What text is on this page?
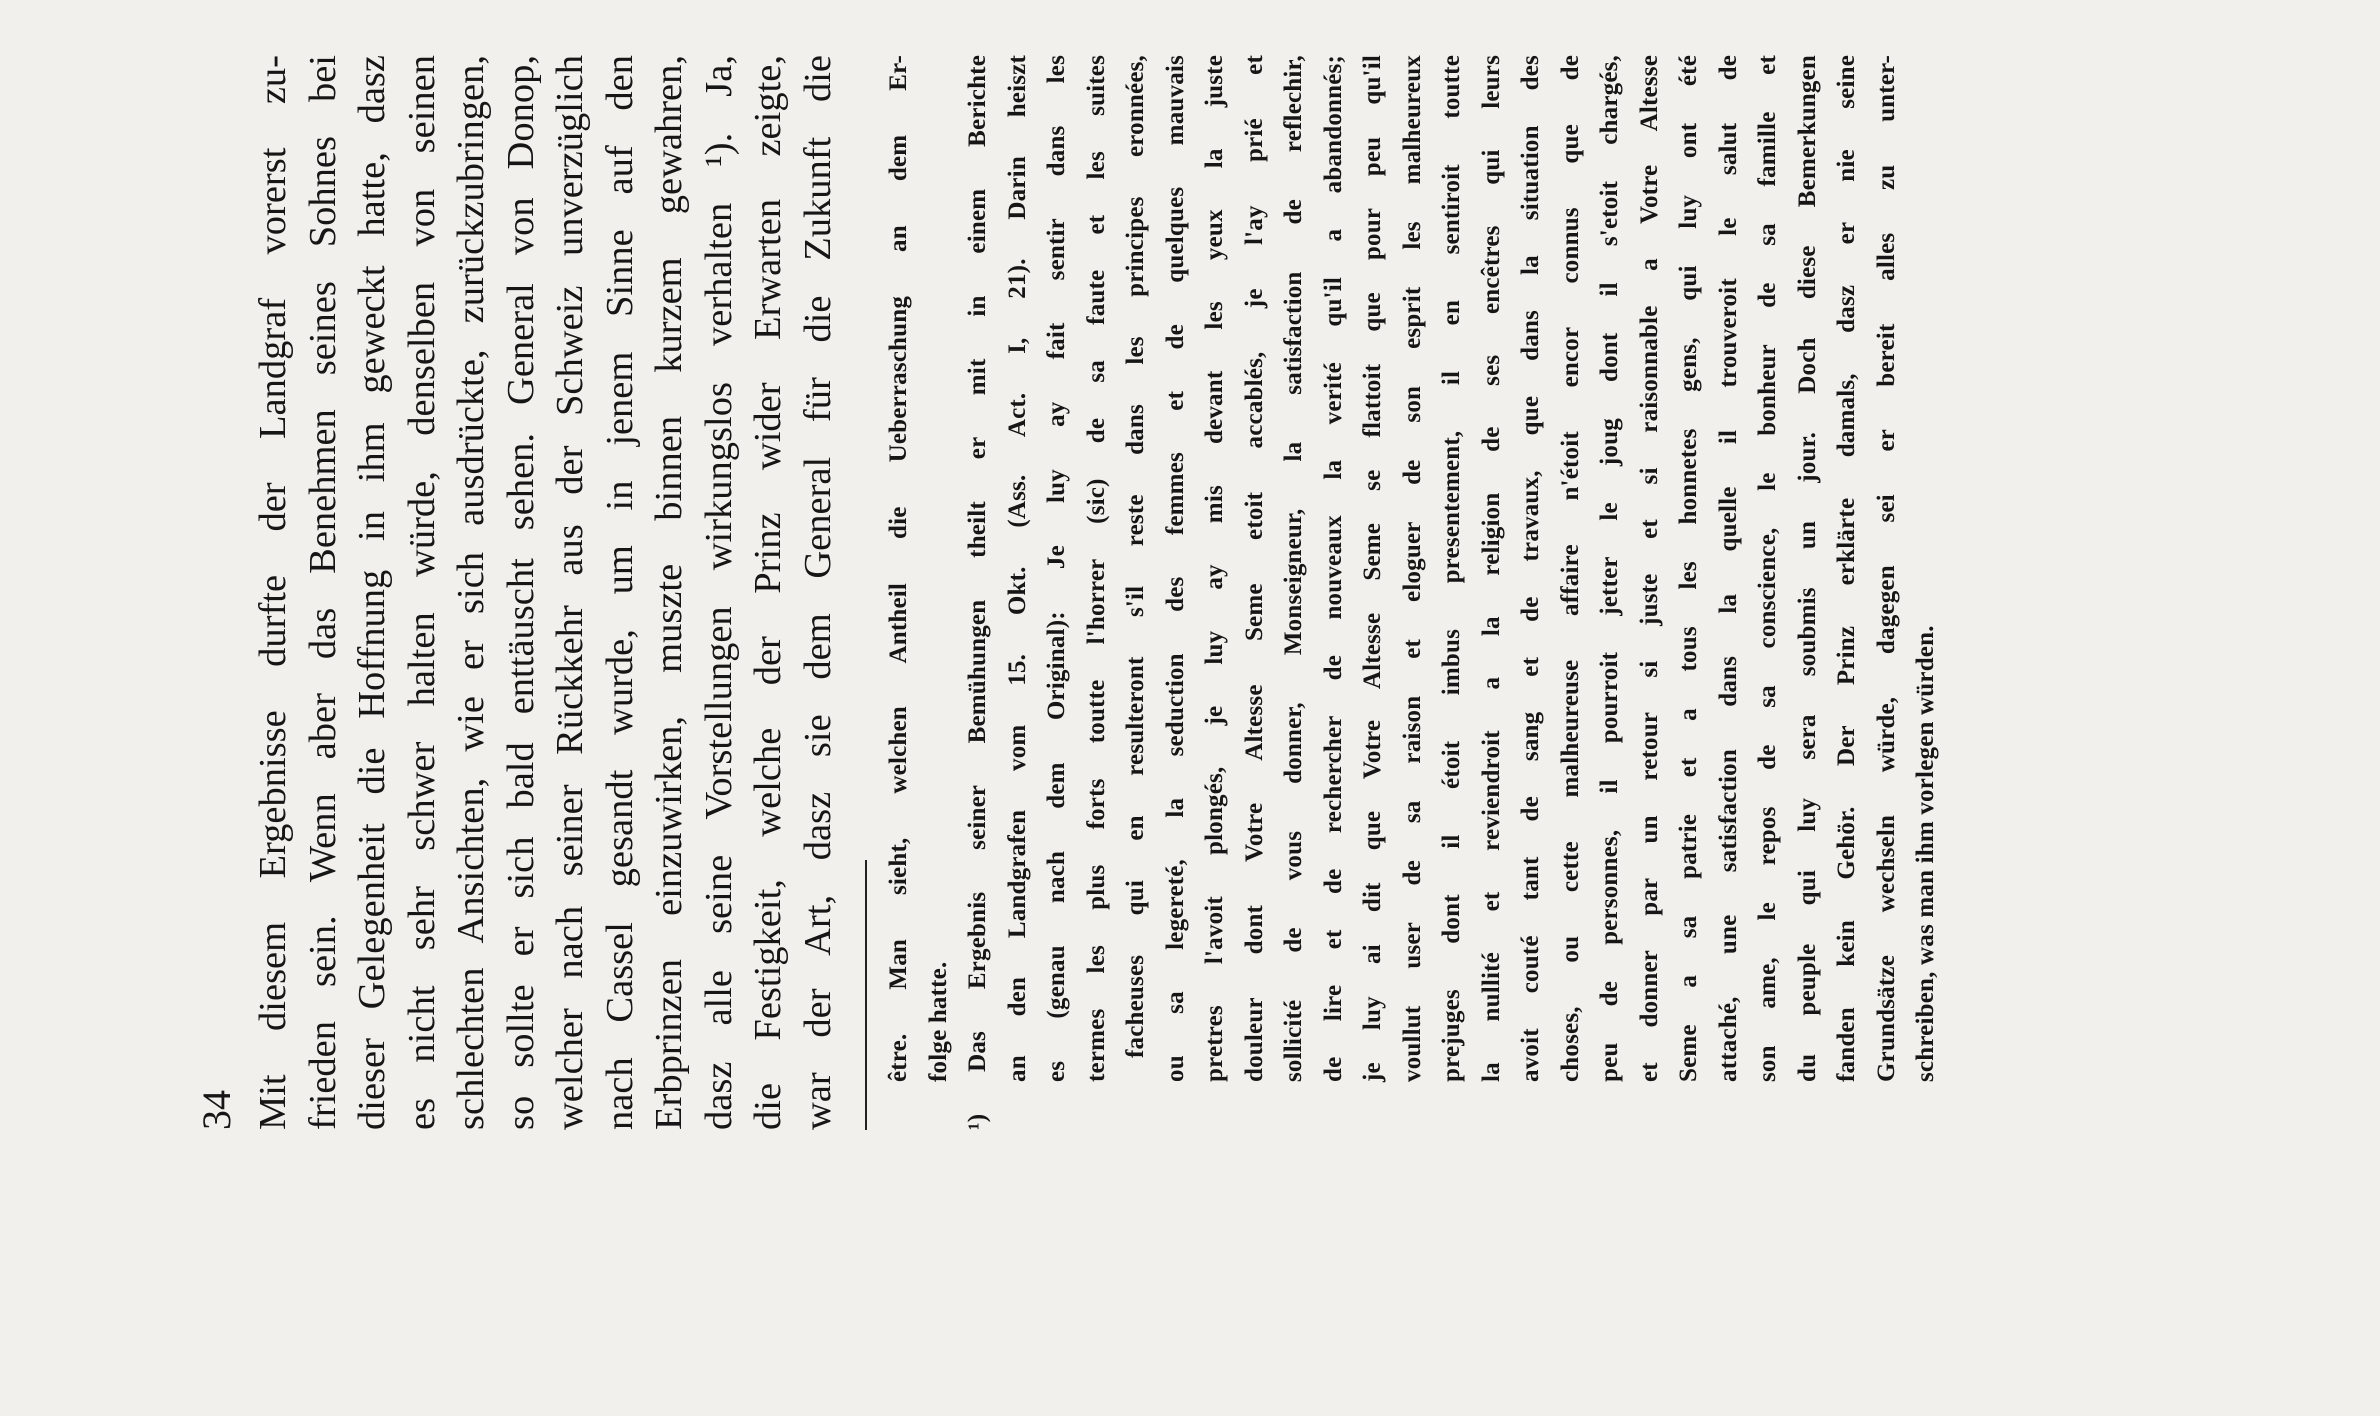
34 Mit diesem Ergebnisse durfte der Landgraf vorerst zu- frieden sein. Wenn aber das Benehmen seines Sohnes bei dieser Gelegenheit die Hoffnung in ihm geweckt hatte, dasz es nicht sehr schwer halten würde, denselben von seinen schlechten Ansichten, wie er sich ausdrückte, zurückzubringen, so sollte er sich bald enttäuscht sehen. General von Donop, welcher nach seiner Rückkehr aus der Schweiz unverzüglich nach Cassel gesandt wurde, um in jenem Sinne auf den Erbprinzen einzuwirken, muszte binnen kurzem gewahren, dasz alle seine Vorstellungen wirkungslos verhalten ¹). Ja, die Festigkeit, welche der Prinz wider Erwarten zeigte, war der Art, dasz sie dem General für die Zukunft die être. Man sieht, welchen Antheil die Ueberraschung an dem Er- folge hatte. ¹) Das Ergebnis seiner Bemühungen theilt er mit in einem Berichte an den Landgrafen vom 15. Okt. (Ass. Act. I, 21). Darin heiszt es (genau nach dem Original): Je luy ay fait sentir dans les termes les plus forts toutte l'horrer (sic) de sa faute et les suites facheuses qui en resulteront s'il reste dans les principes eronnées, ou sa legereté, la seduction des femmes et de quelques mauvais pretres l'avoit plongés, je luy ay mis devant les yeux la juste douleur dont Votre Altesse Seme etoit accablés, je l'ay prié et sollicité de vous donner, Monseigneur, la satisfaction de reflechir, de lire et de rechercher de nouveaux la verité qu'il a abandonnés; je luy ai dit que Votre Altesse Seme se flattoit que pour peu qu'il voullut user de sa raison et eloguer de son esprit les malheureux prejuges dont il étoit imbus presentement, il en sentiroit toutte la nullité et reviendroit a la religion de ses encêtres qui leurs avoit couté tant de sang et de travaux, que dans la situation des choses, ou cette malheureuse affaire n'étoit encor connus que de peu de personnes, il pourroit jetter le joug dont il s'etoit chargés, et donner par un retour si juste et si raisonnable a Votre Altesse Seme a sa patrie et a tous les honnetes gens, qui luy ont été attaché, une satisfaction dans la quelle il trouveroit le salut de son ame, le repos de sa conscience, le bonheur de sa famille et du peuple qui luy sera soubmis un jour. Doch diese Bemerkungen fanden kein Gehör. Der Prinz erklärte damals, dasz er nie seine Grundsätze wechseln würde, dagegen sei er bereit alles zu unter- schreiben, was man ihm vorlegen würden.
